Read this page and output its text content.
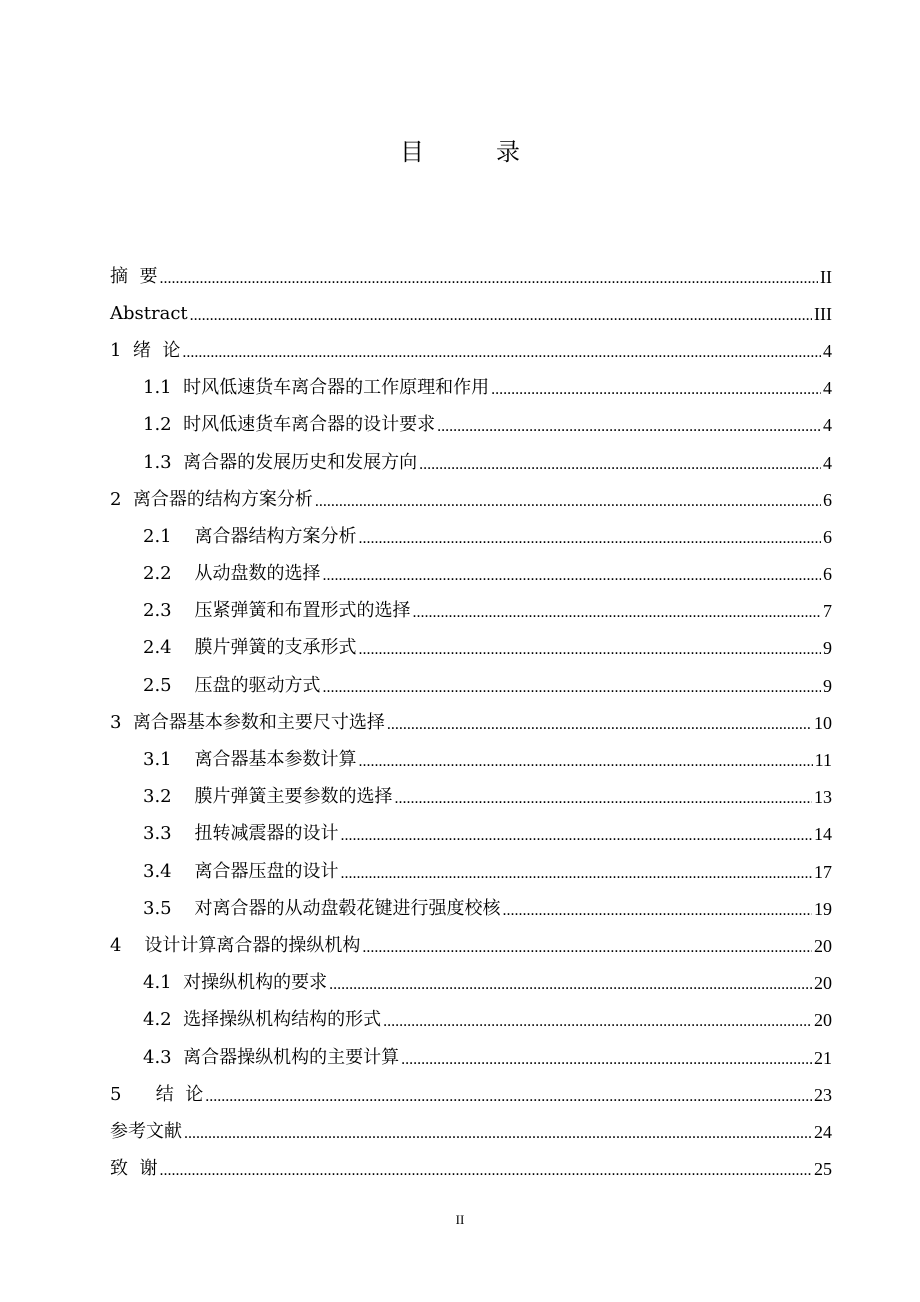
目　录
摘  要 .....	II
Abstract .....	III
1  绪  论 .....	4
1.1  时风低速货车离合器的工作原理和作用 .....	4
1.2  时风低速货车离合器的设计要求 .....	4
1.3  离合器的发展历史和发展方向 .....	4
2  离合器的结构方案分析 .....	6
2.1    离合器结构方案分析 .....	6
2.2    从动盘数的选择 .....	6
2.3    压紧弹簧和布置形式的选择 .....	7
2.4    膜片弹簧的支承形式 .....	9
2.5    压盘的驱动方式 .....	9
3  离合器基本参数和主要尺寸选择 .....	10
3.1    离合器基本参数计算 .....	11
3.2    膜片弹簧主要参数的选择 .....	13
3.3    扭转减震器的设计 .....	14
3.4    离合器压盘的设计 .....	17
3.5    对离合器的从动盘毂花键进行强度校核 .....	19
4    设计计算离合器的操纵机构 .....	20
4.1  对操纵机构的要求 .....	20
4.2  选择操纵机构结构的形式 .....	20
4.3  离合器操纵机构的主要计算 .....	21
5      结  论 .....	23
参考文献 .....	24
致  谢 .....	25
II
